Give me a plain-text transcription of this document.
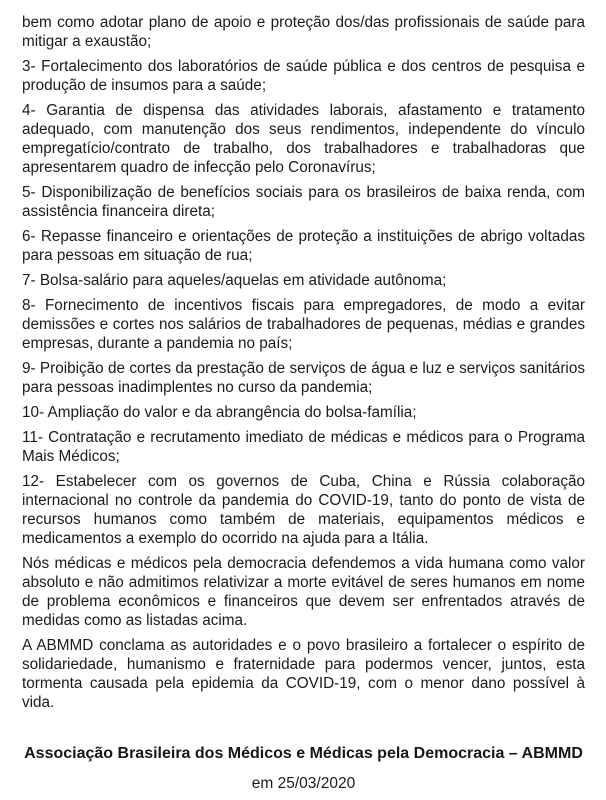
bem como adotar plano de apoio e proteção dos/das profissionais de saúde para mitigar a exaustão;

3- Fortalecimento dos laboratórios de saúde pública e dos centros de pesquisa e produção de insumos para a saúde;

4- Garantia de dispensa das atividades laborais, afastamento e tratamento adequado, com manutenção dos seus rendimentos, independente do vínculo empregatício/contrato de trabalho, dos trabalhadores e trabalhadoras que apresentarem quadro de infecção pelo Coronavírus;

5- Disponibilização de benefícios sociais para os brasileiros de baixa renda, com assistência financeira direta;

6- Repasse financeiro e orientações de proteção a instituições de abrigo voltadas para pessoas em situação de rua;

7- Bolsa-salário para aqueles/aquelas em atividade autônoma;

8- Fornecimento de incentivos fiscais para empregadores, de modo a evitar demissões e cortes nos salários de trabalhadores de pequenas, médias e grandes empresas, durante a pandemia no país;

9- Proibição de cortes da prestação de serviços de água e luz e serviços sanitários para pessoas inadimplentes no curso da pandemia;

10- Ampliação do valor e da abrangência do bolsa-família;

11- Contratação e recrutamento imediato de médicas e médicos para o Programa Mais Médicos;

12- Estabelecer com os governos de Cuba, China e Rússia colaboração internacional no controle da pandemia do COVID-19, tanto do ponto de vista de recursos humanos como também de materiais, equipamentos médicos e medicamentos a exemplo do ocorrido na ajuda para a Itália.

Nós médicas e médicos pela democracia defendemos a vida humana como valor absoluto e não admitimos relativizar a morte evitável de seres humanos em nome de problema econômicos e financeiros que devem ser enfrentados através de medidas como as listadas acima.

A ABMMD conclama as autoridades e o povo brasileiro a fortalecer o espírito de solidariedade, humanismo e fraternidade para podermos vencer, juntos, esta tormenta causada pela epidemia da COVID-19, com o menor dano possível à vida.

Associação Brasileira dos Médicos e Médicas pela Democracia – ABMMD

em 25/03/2020
